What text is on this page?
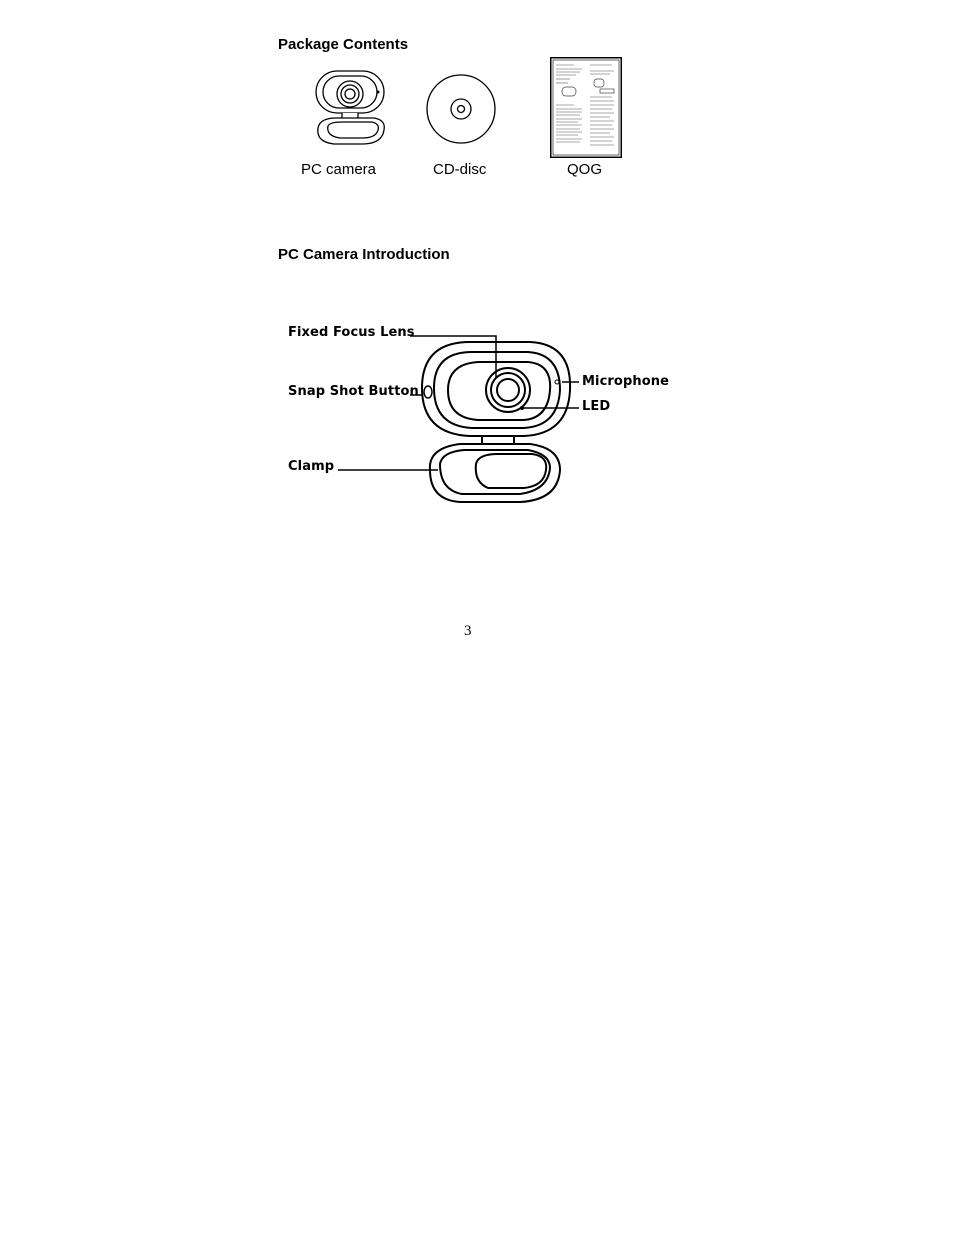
Package Contents
PC camera	CD-disc	QOG
PC Camera Introduction
Fixed Focus Lens
Snap Shot Button
Clamp
Microphone
LED
3
